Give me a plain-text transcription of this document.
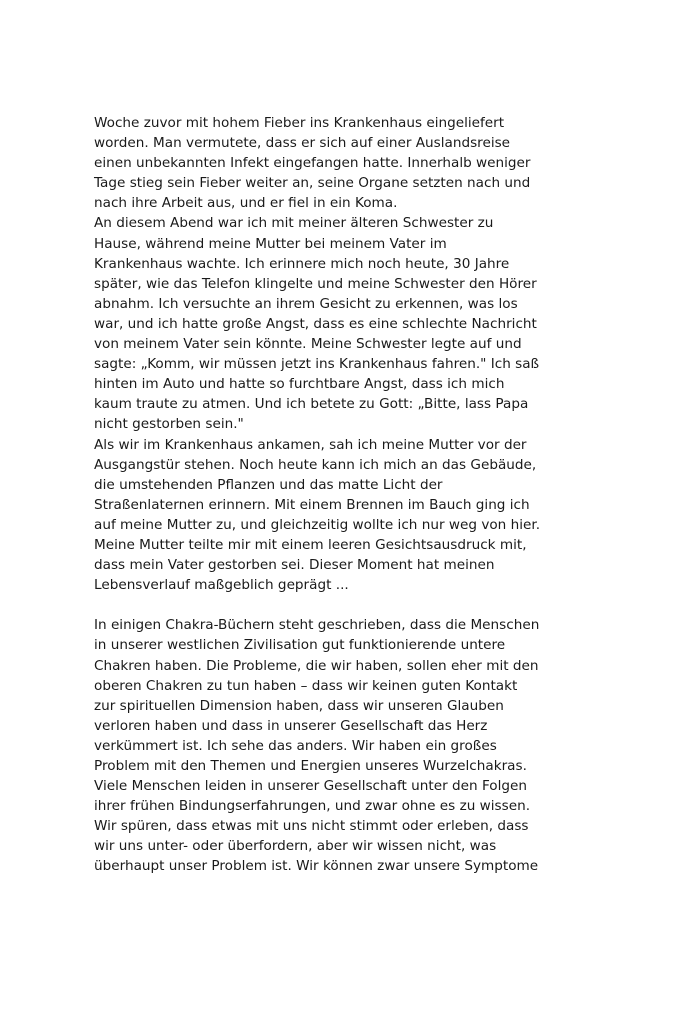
Woche zuvor mit hohem Fieber ins Krankenhaus eingeliefert
worden. Man vermutete, dass er sich auf einer Auslandsreise
einen unbekannten Infekt eingefangen hatte. Innerhalb weniger
Tage stieg sein Fieber weiter an, seine Organe setzten nach und
nach ihre Arbeit aus, und er fiel in ein Koma.
An diesem Abend war ich mit meiner älteren Schwester zu
Hause, während meine Mutter bei meinem Vater im
Krankenhaus wachte. Ich erinnere mich noch heute, 30 Jahre
später, wie das Telefon klingelte und meine Schwester den Hörer
abnahm. Ich versuchte an ihrem Gesicht zu erkennen, was los
war, und ich hatte große Angst, dass es eine schlechte Nachricht
von meinem Vater sein könnte. Meine Schwester legte auf und
sagte: „Komm, wir müssen jetzt ins Krankenhaus fahren." Ich saß
hinten im Auto und hatte so furchtbare Angst, dass ich mich
kaum traute zu atmen. Und ich betete zu Gott: „Bitte, lass Papa
nicht gestorben sein."
Als wir im Krankenhaus ankamen, sah ich meine Mutter vor der
Ausgangstür stehen. Noch heute kann ich mich an das Gebäude,
die umstehenden Pflanzen und das matte Licht der
Straßenlaternen erinnern. Mit einem Brennen im Bauch ging ich
auf meine Mutter zu, und gleichzeitig wollte ich nur weg von hier.
Meine Mutter teilte mir mit einem leeren Gesichtsausdruck mit,
dass mein Vater gestorben sei. Dieser Moment hat meinen
Lebensverlauf maßgeblich geprägt ...
In einigen Chakra-Büchern steht geschrieben, dass die Menschen
in unserer westlichen Zivilisation gut funktionierende untere
Chakren haben. Die Probleme, die wir haben, sollen eher mit den
oberen Chakren zu tun haben – dass wir keinen guten Kontakt
zur spirituellen Dimension haben, dass wir unseren Glauben
verloren haben und dass in unserer Gesellschaft das Herz
verkümmert ist. Ich sehe das anders. Wir haben ein großes
Problem mit den Themen und Energien unseres Wurzelchakras.
Viele Menschen leiden in unserer Gesellschaft unter den Folgen
ihrer frühen Bindungserfahrungen, und zwar ohne es zu wissen.
Wir spüren, dass etwas mit uns nicht stimmt oder erleben, dass
wir uns unter- oder überfordern, aber wir wissen nicht, was
überhaupt unser Problem ist. Wir können zwar unsere Symptome
